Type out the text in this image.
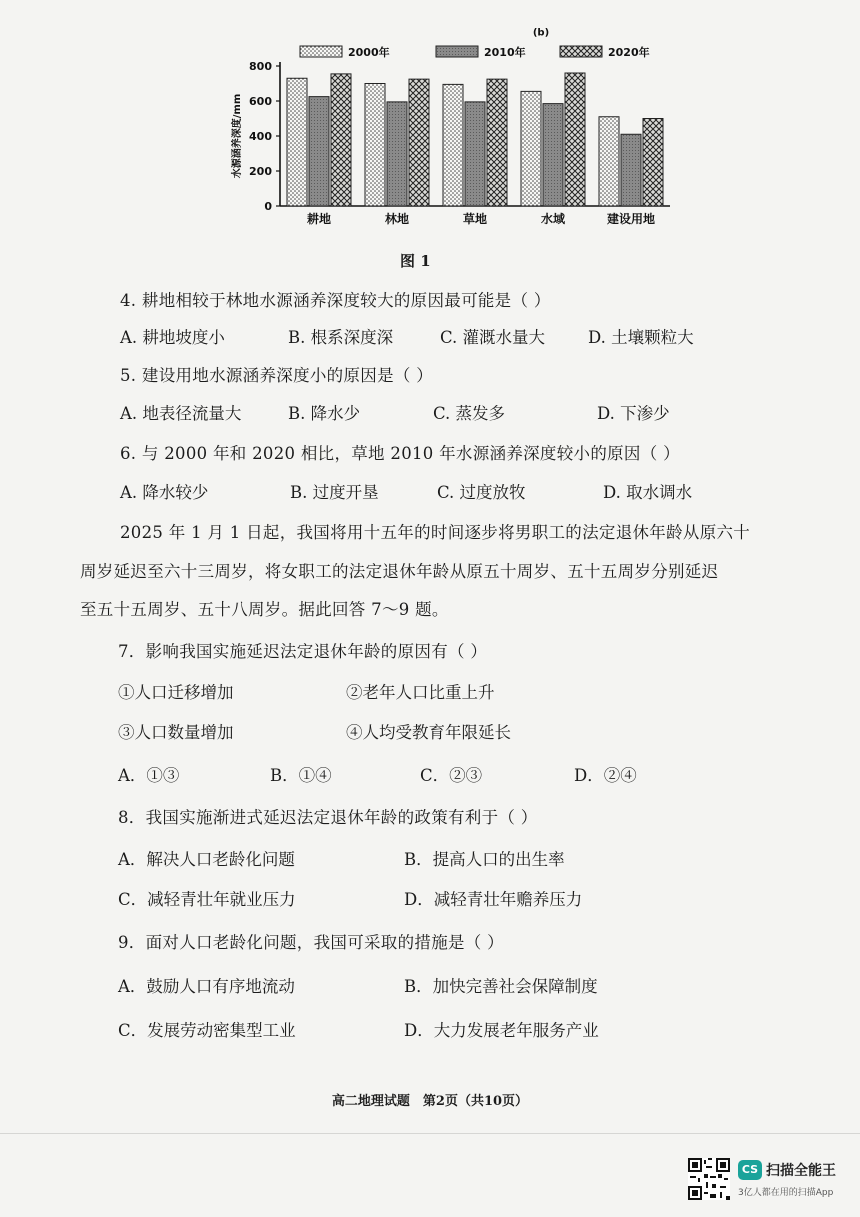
0
200
400
600
800
水源涵养深度/mm
耕地	林地	草地	水域	建设用地
(b)
2000年	2010年	2020年
图 1
4. 耕地相较于林地水源涵养深度较大的原因最可能是（ ）
A. 耕地坡度小	B. 根系深度深	C. 灌溉水量大	D. 土壤颗粒大
5. 建设用地水源涵养深度小的原因是（ ）
A. 地表径流量大	B. 降水少	C. 蒸发多	D. 下渗少
6. 与 2000 年和 2020 相比，草地 2010 年水源涵养深度较小的原因（ ）
A. 降水较少	B. 过度开垦	C. 过度放牧	D. 取水调水
2025 年 1 月 1 日起，我国将用十五年的时间逐步将男职工的法定退休年龄从原六十
周岁延迟至六十三周岁，将女职工的法定退休年龄从原五十周岁、五十五周岁分别延迟
至五十五周岁、五十八周岁。据此回答 7～9 题。
7．影响我国实施延迟法定退休年龄的原因有（ ）
①人口迁移增加	②老年人口比重上升
③人口数量增加	④人均受教育年限延长
A．①③	B．①④	C．②③	D．②④
8．我国实施渐进式延迟法定退休年龄的政策有利于（ ）
A．解决人口老龄化问题	B．提高人口的出生率
C．减轻青壮年就业压力	D．减轻青壮年赡养压力
9．面对人口老龄化问题，我国可采取的措施是（ ）
A．鼓励人口有序地流动	B．加快完善社会保障制度
C．发展劳动密集型工业	D．大力发展老年服务产业
高二地理试题　第2页（共10页）
CS 扫描全能王
3亿人都在用的扫描App
